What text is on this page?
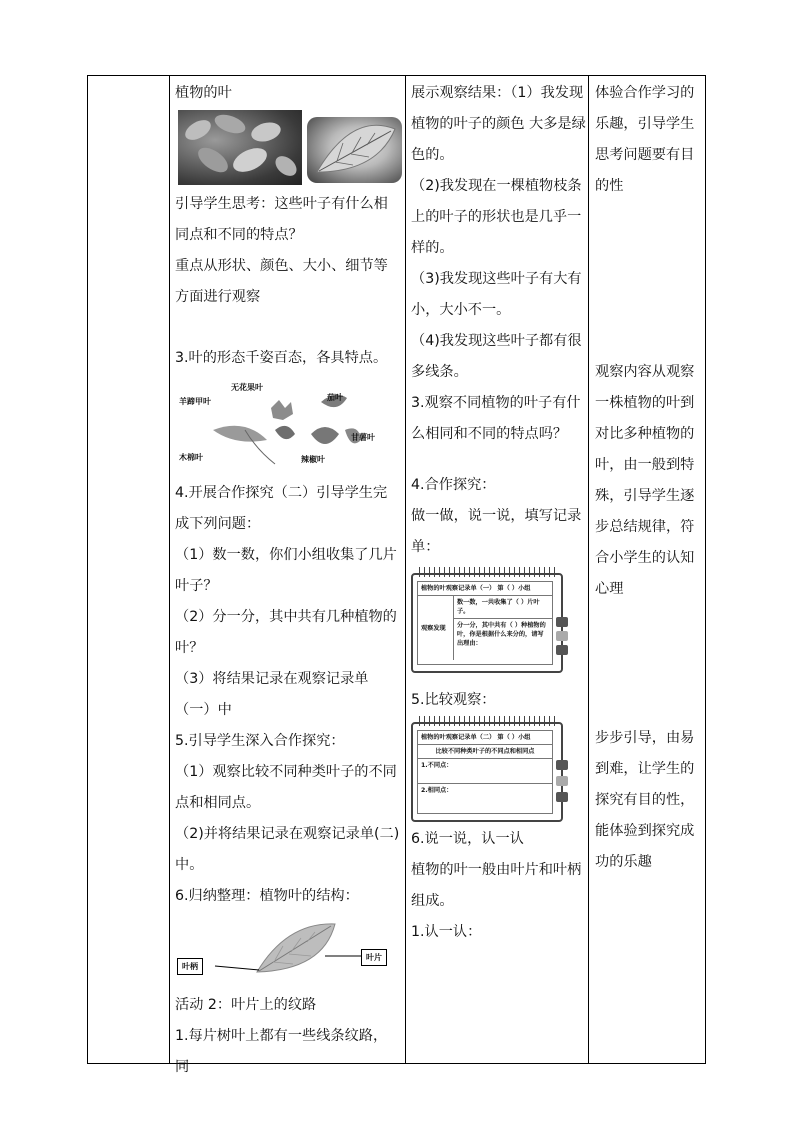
植物的叶

引导学生思考：这些叶子有什么相同点和不同的特点？

重点从形状、颜色、大小、细节等方面进行观察

3.叶的形态千姿百态，各具特点。

无花果叶
羊蹄甲叶	茄叶
甘薯叶
木棉叶	辣椒叶

4.开展合作探究（二）引导学生完成下列问题：

（1）数一数，你们小组收集了几片叶子？

（2）分一分，其中共有几种植物的叶？

（3）将结果记录在观察记录单（一）中

5.引导学生深入合作探究：

（1）观察比较不同种类叶子的不同点和相同点。

（2)并将结果记录在观察记录单(二)中。

6.归纳整理：植物叶的结构：

叶柄
叶片

活动 2：叶片上的纹路

1.每片树叶上都有一些线条纹路，同

展示观察结果：（1）我发现植物的叶子的颜色 大多是绿色的。

（2)我发现在一棵植物枝条上的叶子的形状也是几乎一样的。

（3)我发现这些叶子有大有小，大小不一。

（4)我发现这些叶子都有很多线条。

3.观察不同植物的叶子有什么相同和不同的特点吗？

4.合作探究：

做一做，说一说，填写记录单：

植物的叶观察记录单（一） 第（ ）小组
观察发现
数一数，一共收集了（ ）片叶子。
分一分，其中共有（ ）种植物的叶，你是根据什么来分的，请写出理由：

5.比较观察：

植物的叶观察记录单（二） 第（ ）小组
比较不同种类叶子的不同点和相同点
1.不同点：
2.相同点：

6.说一说，认一认

植物的叶一般由叶片和叶柄组成。

1.认一认：

体验合作学习的乐趣，引导学生思考问题要有目的性

观察内容从观察一株植物的叶到对比多种植物的叶，由一般到特殊，引导学生逐步总结规律，符合小学生的认知心理

步步引导，由易到难，让学生的探究有目的性，能体验到探究成功的乐趣
